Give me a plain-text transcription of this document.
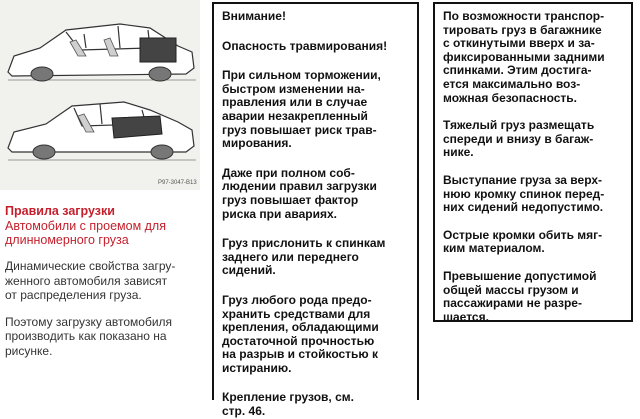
P97-3047-B13
Правила загрузки
Автомобили с проемом для
длинномерного груза
Динамические свойства загру-
женного автомобиля зависят
от распределения груза.
Поэтому загрузку автомобиля
производить как показано на
рисунке.

Внимание!

Опасность травмирования!

При сильном торможении,
быстром изменении на-
правления или в случае
аварии незакрепленный
груз повышает риск трав-
мирования.

Даже при полном соб-
людении правил загрузки
груз повышает фактор
риска при авариях.

Груз прислонить к спинкам
заднего или переднего
сидений.

Груз любого рода предо-
хранить средствами для
крепления, обладающими
достаточной прочностью
на разрыв и стойкостью к
истиранию.

Крепление грузов, см.
стр. 46.

По возможности транспор-
тировать груз в багажнике
с откинутыми вверх и за-
фиксированными задними
спинками. Этим достига-
ется максимально воз-
можная безопасность.

Тяжелый груз размещать
спереди и внизу в багаж-
нике.

Выступание груза за верх-
нюю кромку спинок перед-
них сидений недопустимо.

Острые кромки обить мяг-
ким материалом.

Превышение допустимой
общей массы грузом и
пассажирами не разре-
шается.
